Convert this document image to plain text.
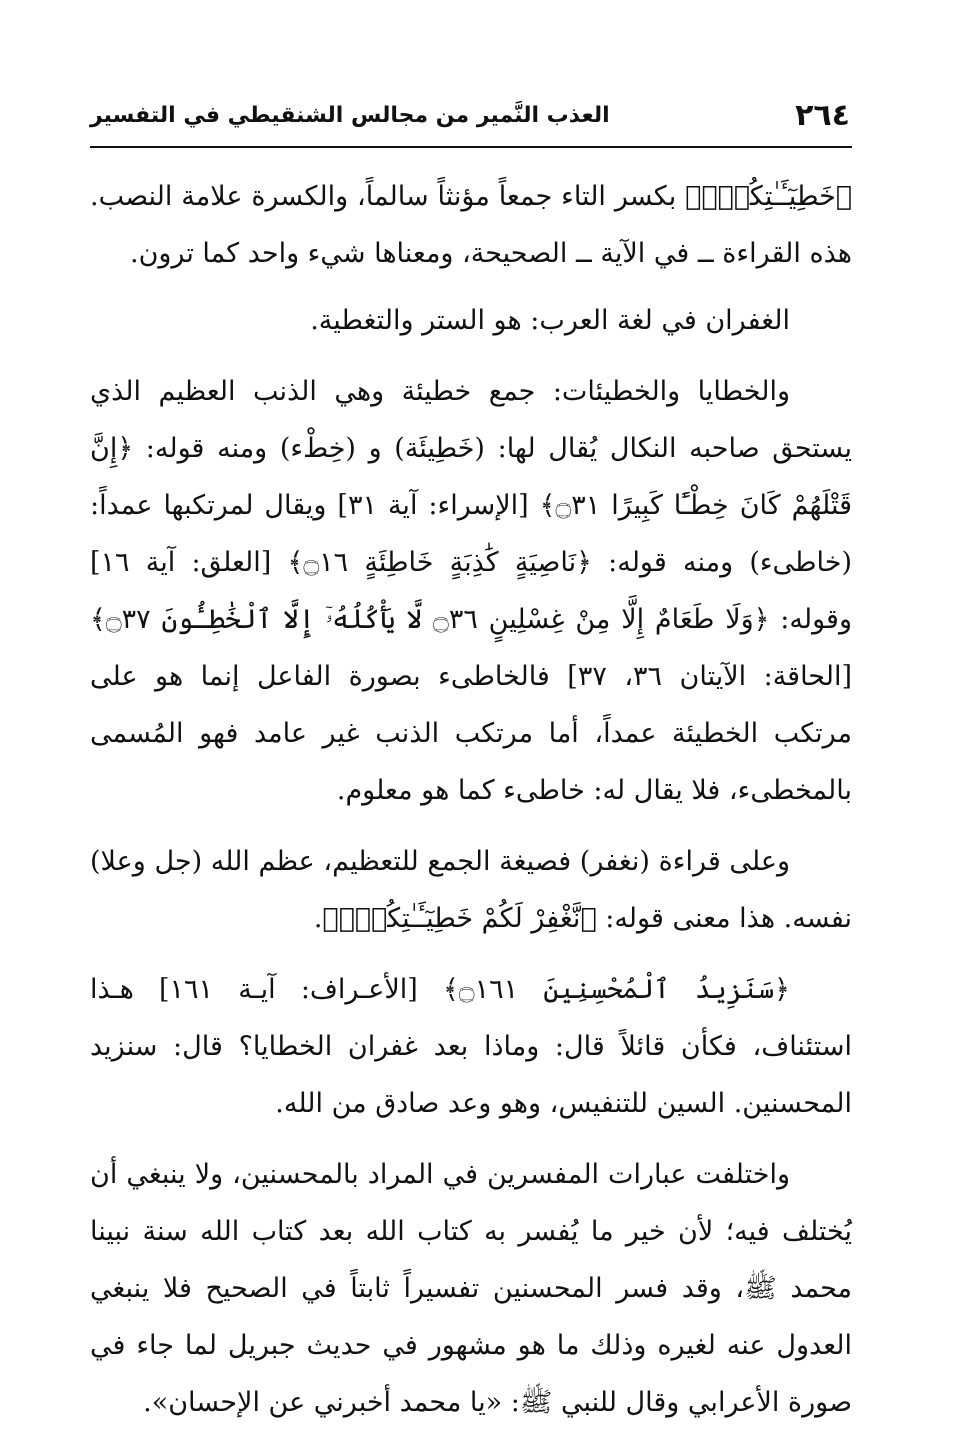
٢٦٤
العذب النَّمير من مجالس الشنقيطي في التفسير

﴿خَطِيٓـَٔـٰتِكُمْۚ﴾ بكسر التاء جمعاً مؤنثاً سالماً، والكسرة علامة النصب. هذه القراءة ــ في الآية ــ الصحيحة، ومعناها شيء واحد كما ترون.

الغفران في لغة العرب: هو الستر والتغطية.

والخطايا والخطيئات: جمع خطيئة وهي الذنب العظيم الذي يستحق صاحبه النكال يُقال لها: (خَطِيئَة) و (خِطْء) ومنه قوله: ﴿إِنَّ قَتْلَهُمْ كَانَ خِطْـًٔا كَبِيرًا ۝٣١﴾ [الإسراء: آية ٣١] ويقال لمرتكبها عمداً: (خاطىء) ومنه قوله: ﴿نَاصِيَةٍ كَٰذِبَةٍ خَاطِئَةٍ ۝١٦﴾ [العلق: آية ١٦] وقوله: ﴿وَلَا طَعَامٌ إِلَّا مِنْ غِسْلِينٍ ۝٣٦ لَّا يَأْكُلُهُۥٓ إِلَّا ٱلْخَٰطِـُٔونَ ۝٣٧﴾ [الحاقة: الآيتان ٣٦، ٣٧] فالخاطىء بصورة الفاعل إنما هو على مرتكب الخطيئة عمداً، أما مرتكب الذنب غير عامد فهو المُسمى بالمخطىء، فلا يقال له: خاطىء كما هو معلوم.

وعلى قراءة (نغفر) فصيغة الجمع للتعظيم، عظم الله (جل وعلا) نفسه. هذا معنى قوله: ﴿نَّغْفِرْ لَكُمْ خَطِيٓـَٔـٰتِكُمْۚ﴾.

﴿سَنَزِيدُ ٱلْمُحْسِنِينَ ۝١٦١﴾ [الأعـراف: آيـة ١٦١] هـذا استئناف، فكأن قائلاً قال: وماذا بعد غفران الخطايا؟ قال: سنزيد المحسنين. السين للتنفيس، وهو وعد صادق من الله.

واختلفت عبارات المفسرين في المراد بالمحسنين، ولا ينبغي أن يُختلف فيه؛ لأن خير ما يُفسر به كتاب الله بعد كتاب الله سنة نبينا محمد ﷺ، وقد فسر المحسنين تفسيراً ثابتاً في الصحيح فلا ينبغي العدول عنه لغيره وذلك ما هو مشهور في حديث جبريل لما جاء في صورة الأعرابي وقال للنبي ﷺ: «يا محمد أخبرني عن الإحسان».
